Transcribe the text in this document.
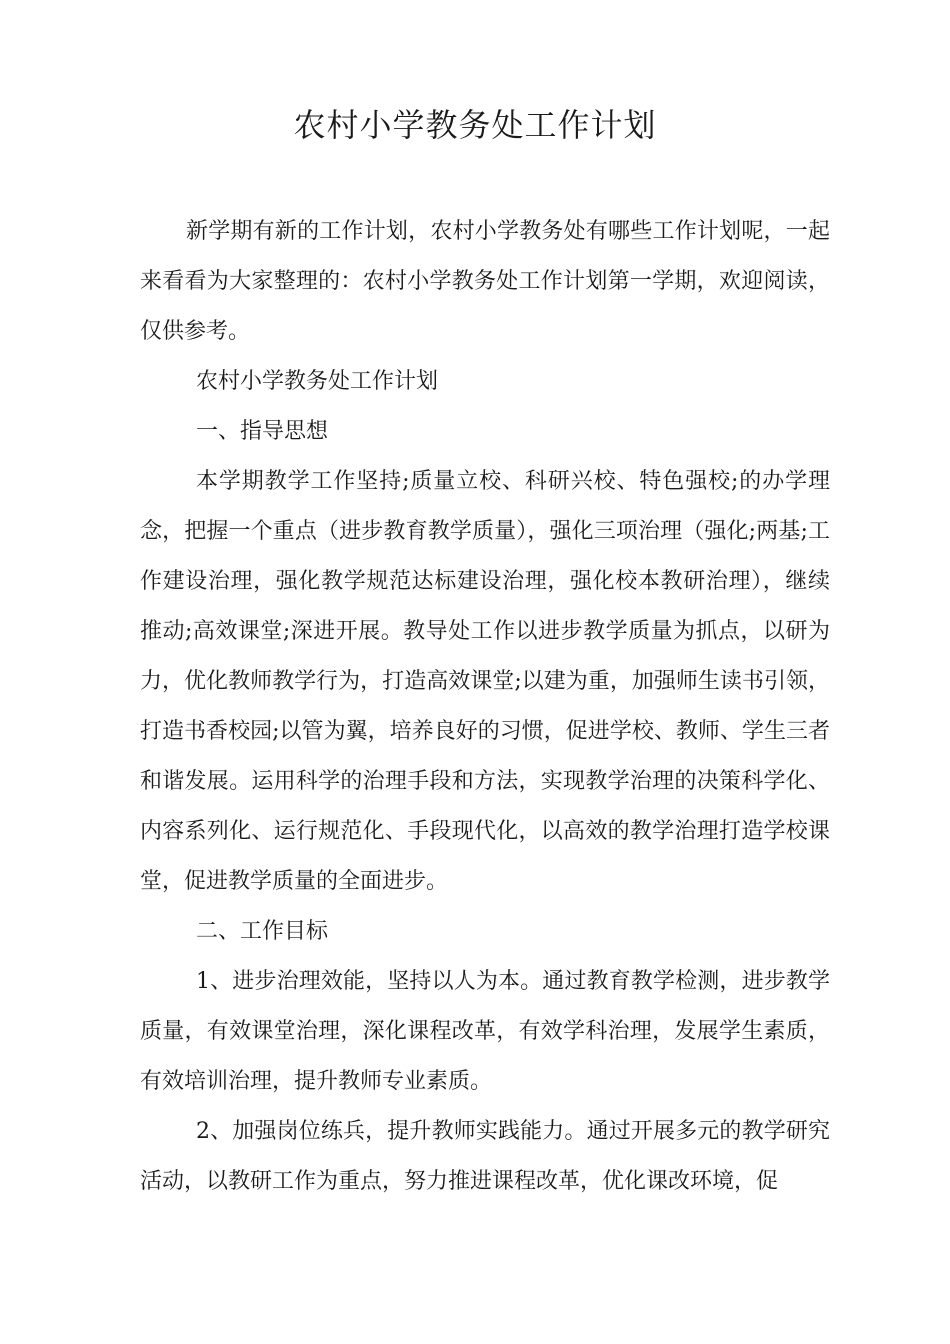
农村小学教务处工作计划

新学期有新的工作计划，农村小学教务处有哪些工作计划呢，一起来看看为大家整理的：农村小学教务处工作计划第一学期，欢迎阅读，仅供参考。

农村小学教务处工作计划

一、指导思想

本学期教学工作坚持;质量立校、科研兴校、特色强校;的办学理念，把握一个重点（进步教育教学质量），强化三项治理（强化;两基;工作建设治理，强化教学规范达标建设治理，强化校本教研治理），继续推动;高效课堂;深进开展。教导处工作以进步教学质量为抓点，以研为力，优化教师教学行为，打造高效课堂;以建为重，加强师生读书引领，打造书香校园;以管为翼，培养良好的习惯，促进学校、教师、学生三者和谐发展。运用科学的治理手段和方法，实现教学治理的决策科学化、内容系列化、运行规范化、手段现代化，以高效的教学治理打造学校课堂，促进教学质量的全面进步。

二、工作目标

1、进步治理效能，坚持以人为本。通过教育教学检测，进步教学质量，有效课堂治理，深化课程改革，有效学科治理，发展学生素质，有效培训治理，提升教师专业素质。

2、加强岗位练兵，提升教师实践能力。通过开展多元的教学研究活动，以教研工作为重点，努力推进课程改革，优化课改环境，促
